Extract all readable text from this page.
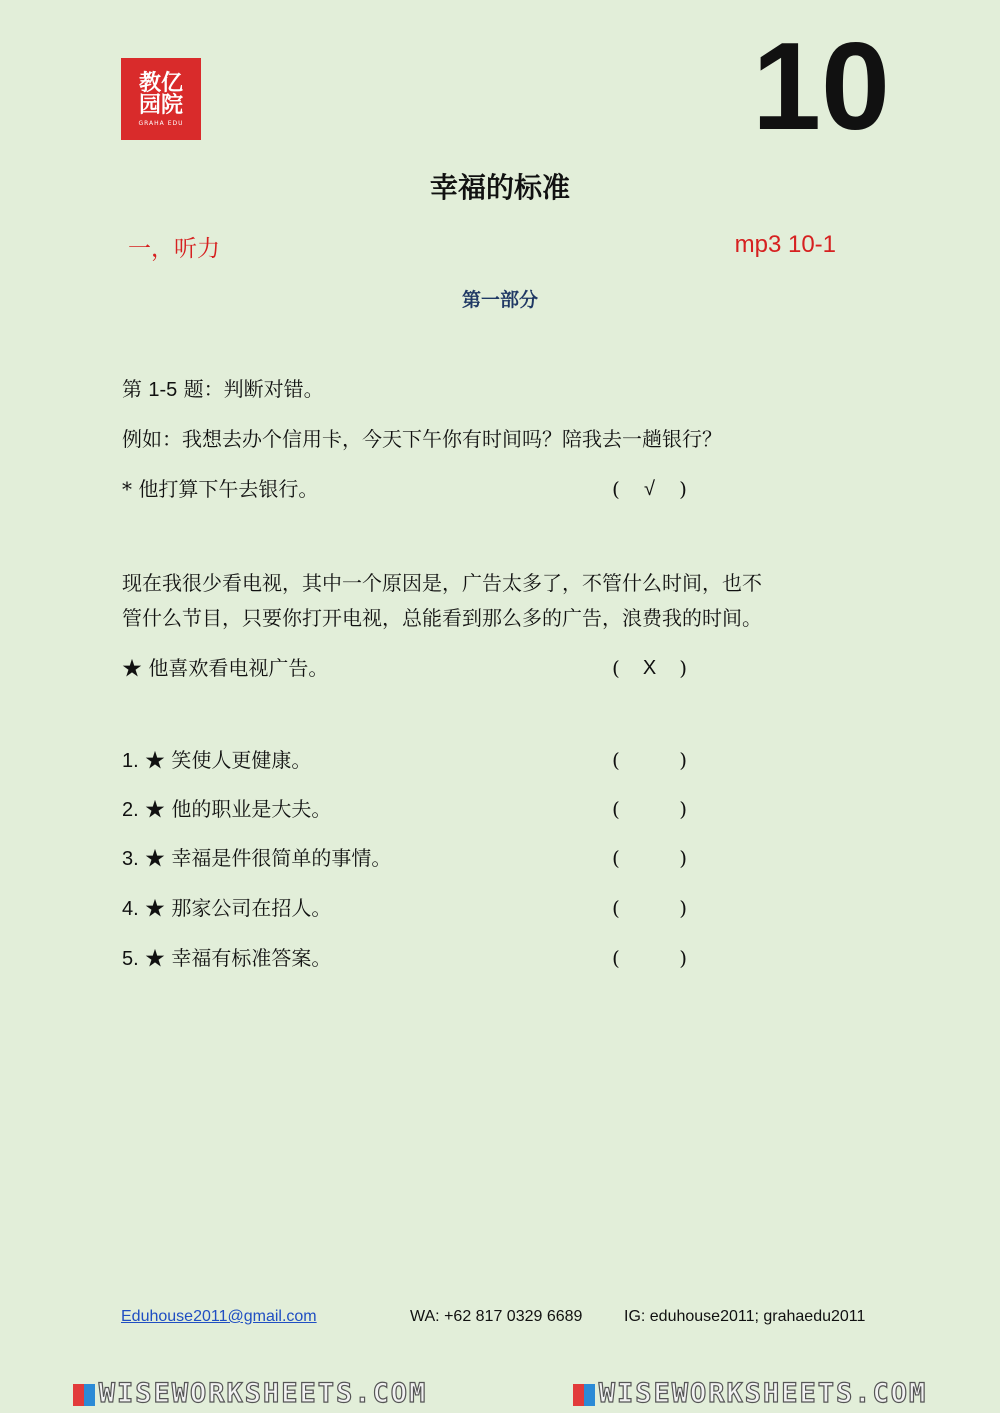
教亿
园院
GRAHA EDU	10
幸福的标准
一，听力	mp3 10-1
第一部分
第 1-5 题：判断对错。
例如：我想去办个信用卡，今天下午你有时间吗？陪我去一趟银行？
* 他打算下午去银行。	( √ )
现在我很少看电视，其中一个原因是，广告太多了，不管什么时间，也不
管什么节目，只要你打开电视，总能看到那么多的广告，浪费我的时间。
★ 他喜欢看电视广告。	( X )
1. ★ 笑使人更健康。	(	)
2. ★ 他的职业是大夫。	(	)
3. ★ 幸福是件很简单的事情。	(	)
4. ★ 那家公司在招人。	(	)
5. ★ 幸福有标准答案。	(	)
Eduhouse2011@gmail.com	WA: +62 817 0329 6689	IG: eduhouse2011; grahaedu2011
WISEWORKSHEETS.COM	WISEWORKSHEETS.COM
